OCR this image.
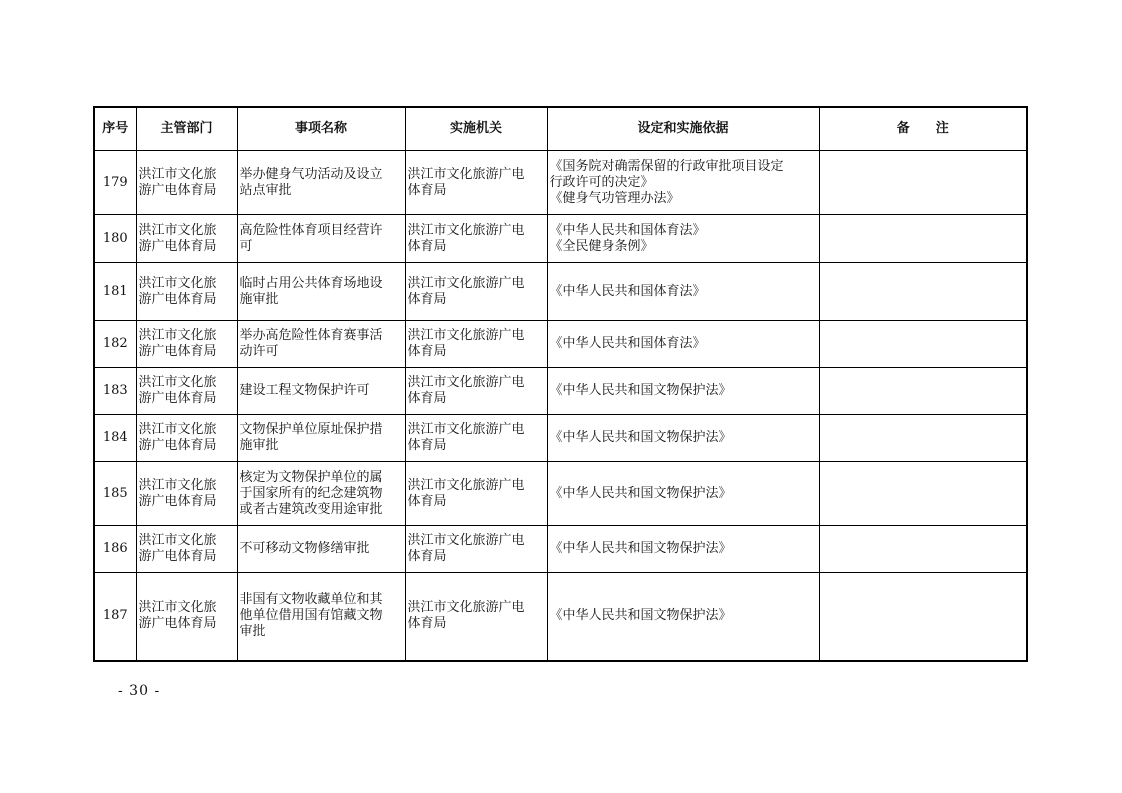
序号	主管部门	事项名称	实施机关	设定和实施依据	备　　注
179	洪江市文化旅
游广电体育局	举办健身气功活动及设立
站点审批	洪江市文化旅游广电
体育局	《国务院对确需保留的行政审批项目设定
行政许可的决定》
《健身气功管理办法》	
180	洪江市文化旅
游广电体育局	高危险性体育项目经营许
可	洪江市文化旅游广电
体育局	《中华人民共和国体育法》
《全民健身条例》	
181	洪江市文化旅
游广电体育局	临时占用公共体育场地设
施审批	洪江市文化旅游广电
体育局	《中华人民共和国体育法》	
182	洪江市文化旅
游广电体育局	举办高危险性体育赛事活
动许可	洪江市文化旅游广电
体育局	《中华人民共和国体育法》	
183	洪江市文化旅
游广电体育局	建设工程文物保护许可	洪江市文化旅游广电
体育局	《中华人民共和国文物保护法》	
184	洪江市文化旅
游广电体育局	文物保护单位原址保护措
施审批	洪江市文化旅游广电
体育局	《中华人民共和国文物保护法》	
185	洪江市文化旅
游广电体育局	核定为文物保护单位的属
于国家所有的纪念建筑物
或者古建筑改变用途审批	洪江市文化旅游广电
体育局	《中华人民共和国文物保护法》	
186	洪江市文化旅
游广电体育局	不可移动文物修缮审批	洪江市文化旅游广电
体育局	《中华人民共和国文物保护法》	
187	洪江市文化旅
游广电体育局	非国有文物收藏单位和其
他单位借用国有馆藏文物
审批	洪江市文化旅游广电
体育局	《中华人民共和国文物保护法》	
- 30 -
